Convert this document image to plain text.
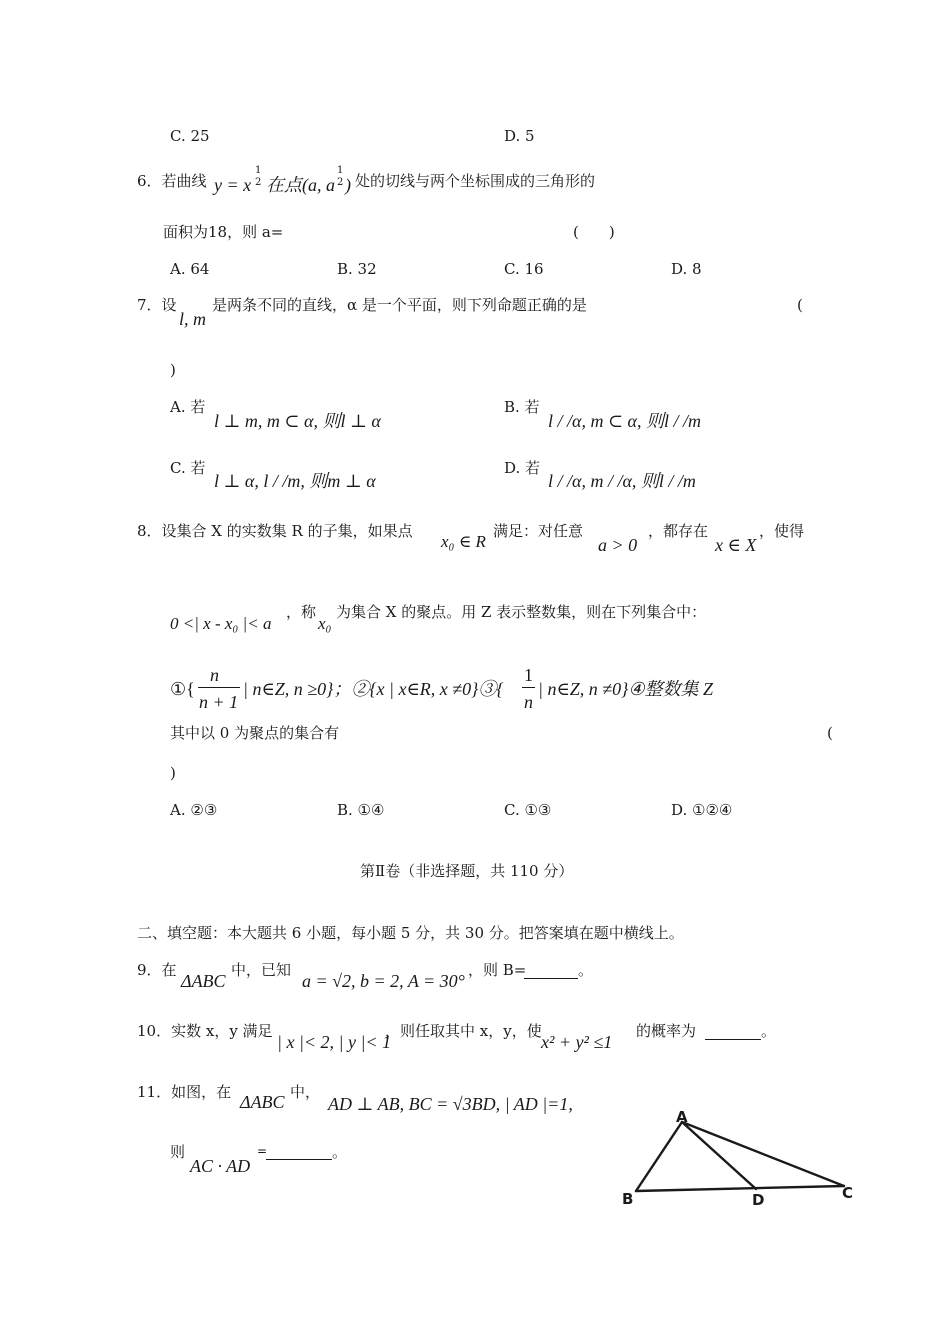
C. 25	D. 5
6．若曲线 y = x
1
2 在点(a, a
1
2 ) 处的切线与两个坐标围成的三角形的
面积为18，则 a=	(　　)
A. 64	B. 32	C. 16	D. 8
7．设
l, m
是两条不同的直线，α 是一个平面，则下列命题正确的是	(
)
A. 若
l ⊥ m, m ⊂ α, 则l ⊥ α
B. 若
l / /α, m ⊂ α, 则l / /m
C. 若
l ⊥ α, l / /m, 则m ⊥ α
D. 若
l / /α, m / /α, 则l / /m
8．设集合 X 的实数集 R 的子集，如果点
x₀ ∈ R
满足：对任意
a > 0
，都存在
x ∈ X
，使得
0 <| x - x₀ |< a
，称
x₀
为集合 X 的聚点。用 Z 表示整数集，则在下列集合中：
①{
n
n + 1
| n∈Z, n ≥0}；②{x | x∈R, x ≠0}③{
1
n
| n∈Z, n ≠0}④整数集 Z
其中以 0 为聚点的集合有	(
)
A. ②③	B. ①④	C. ①③	D. ①②④
第Ⅱ卷（非选择题，共 110 分）
二、填空题：本大题共 6 小题，每小题 5 分，共 30 分。把答案填在题中横线上。
9．在
ΔABC
中，已知
a = √2, b = 2, A = 30°
，则 B=	。
10．实数 x，y 满足
| x |< 2, | y |< 1
，则任取其中 x，y，使
x² + y² ≤1
的概率为	。
11．如图，在 ΔABC 中，
AD ⊥ AB, BC = √3BD, | AD |=1,
则
AC · AD
=	。
A
B	C
D
